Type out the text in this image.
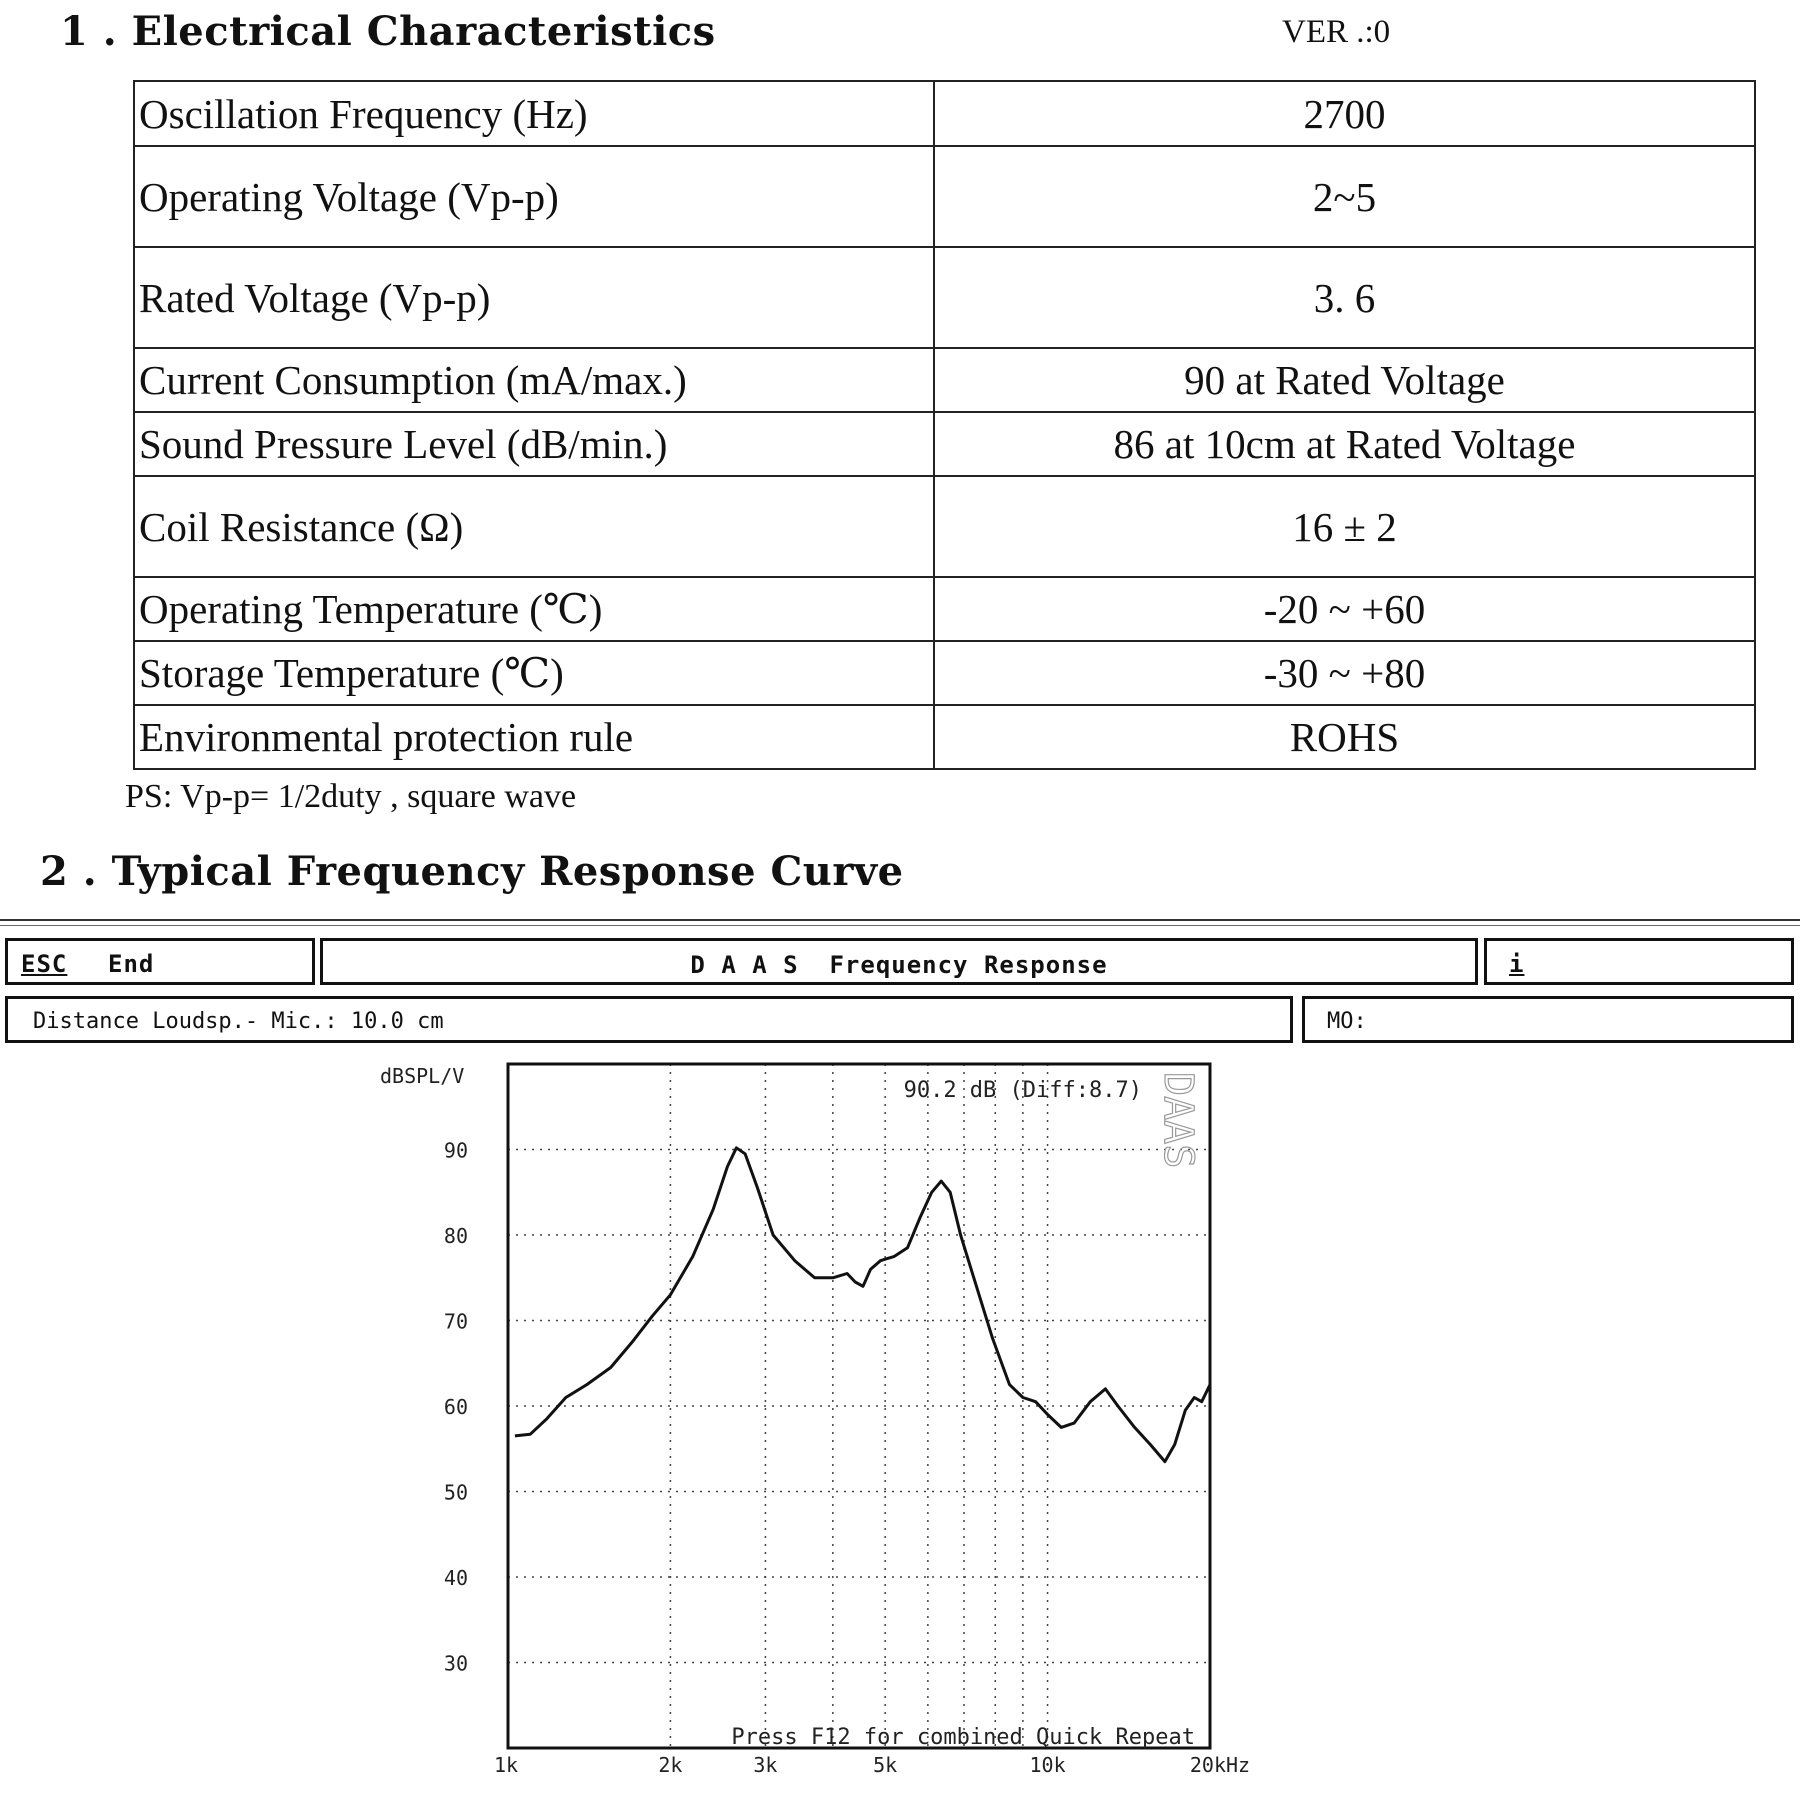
1 . Electrical Characteristics	VER .:0
Oscillation Frequency (Hz)	2700
Operating Voltage (Vp-p)	2~5
Rated Voltage (Vp-p)	3. 6
Current Consumption (mA/max.)	90 at Rated Voltage
Sound Pressure Level (dB/min.)	86 at 10cm at Rated Voltage
Coil Resistance (Ω)	16 ± 2
Operating Temperature (℃)	-20 ~ +60
Storage Temperature (℃)	-30 ~ +80
Environmental protection rule	ROHS
PS: Vp-p= 1/2duty , square wave
2 . Typical Frequency Response Curve
ESC End	D A A S  Frequency Response	i
Distance Loudsp.- Mic.: 10.0 cm	MO:
30
40
50
60
70
80
90
1k	2k	3k	5k	10k	20kHz
dBSPL/V
90.2 dB (Diff:8.7) DAAS
Press F12 for combined Quick Repeat
